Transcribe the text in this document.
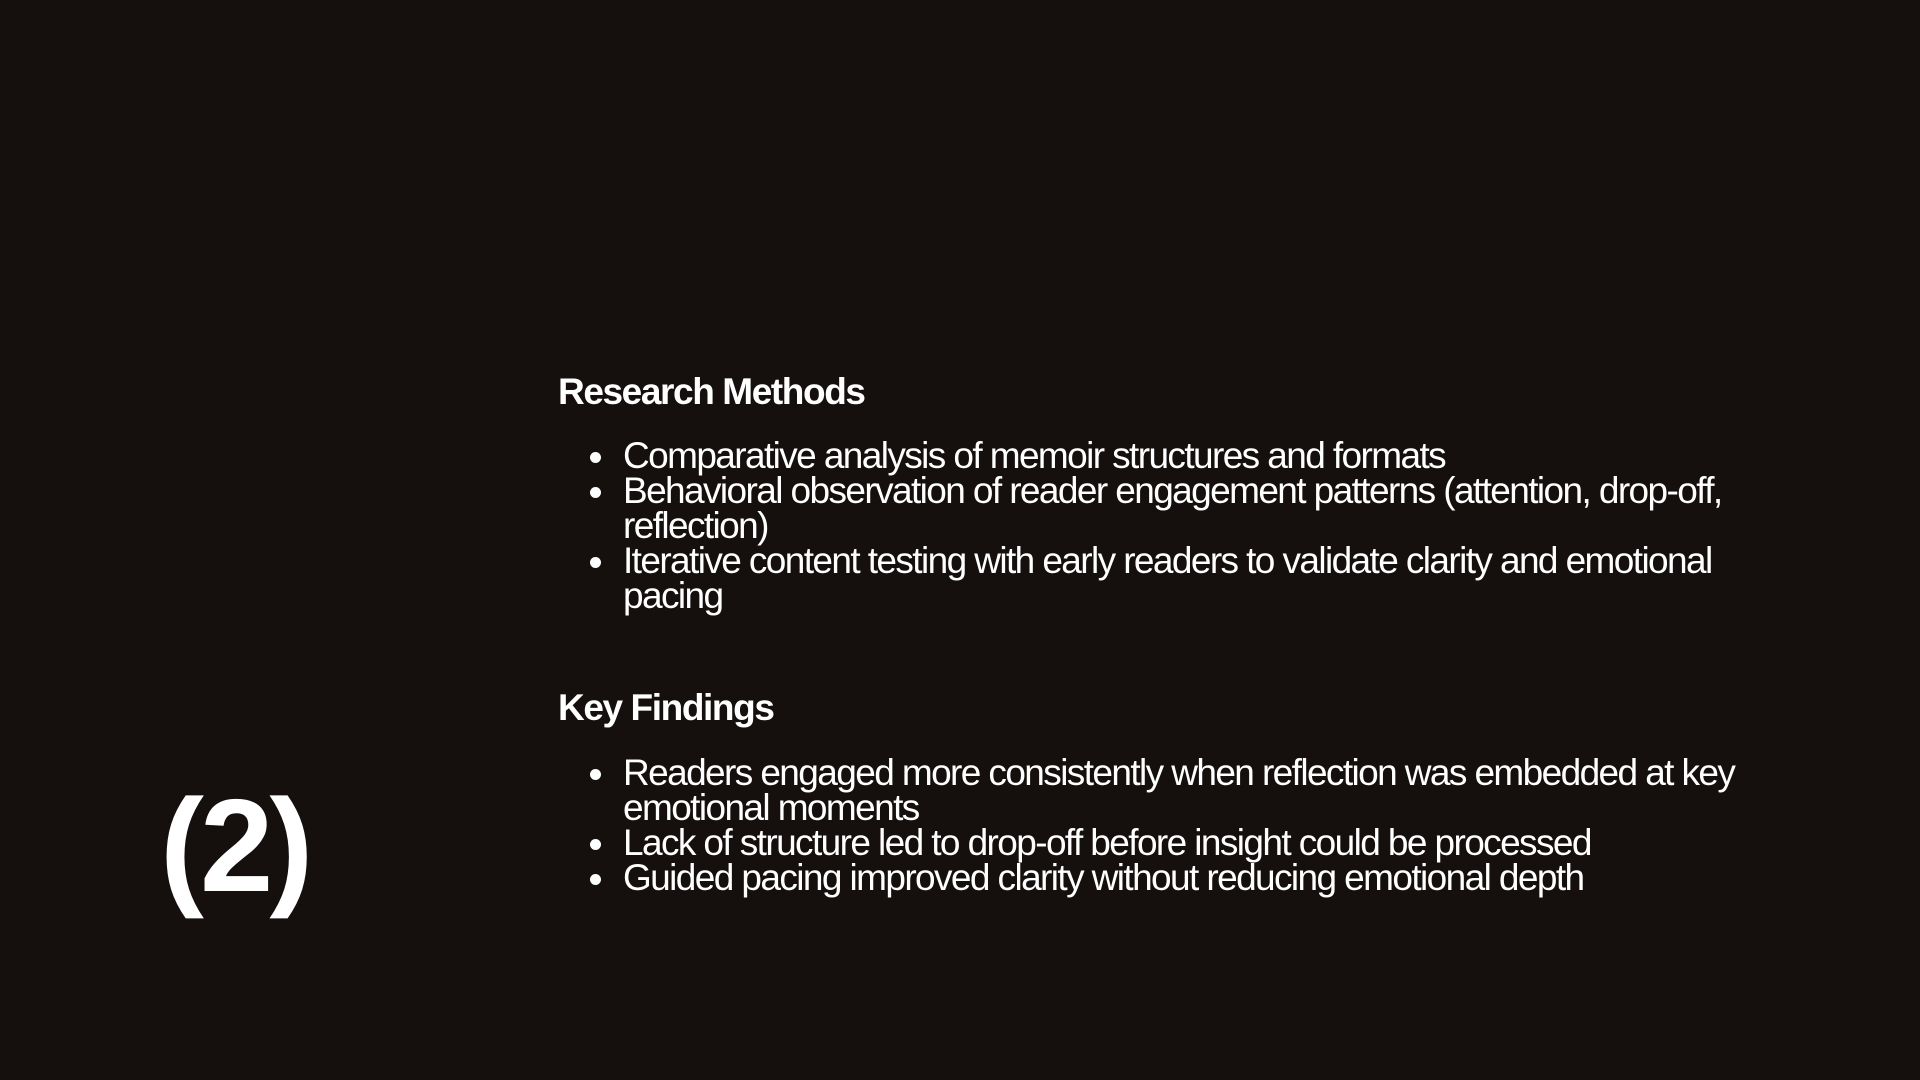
(2)
Research Methods
Comparative analysis of memoir structures and formats
Behavioral observation of reader engagement patterns (attention, drop-off, reflection)
Iterative content testing with early readers to validate clarity and emotional pacing
Key Findings
Readers engaged more consistently when reflection was embedded at key emotional moments
Lack of structure led to drop-off before insight could be processed
Guided pacing improved clarity without reducing emotional depth
